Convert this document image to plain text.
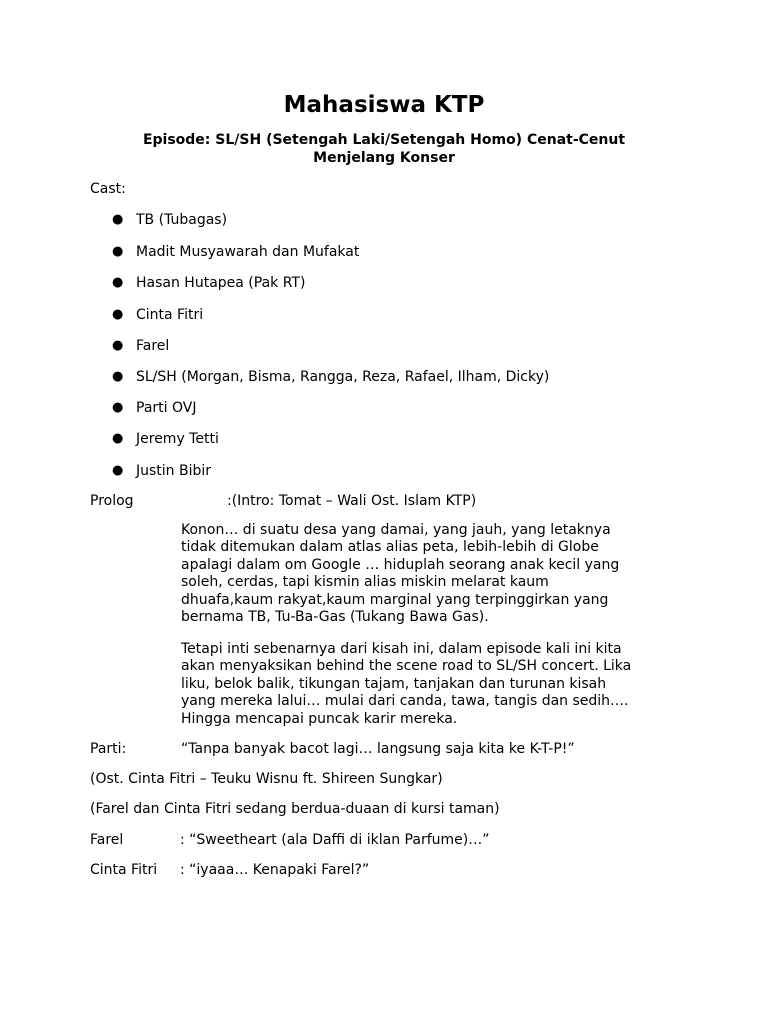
Mahasiswa KTP
Episode: SL/SH (Setengah Laki/Setengah Homo) Cenat-Cenut
Menjelang Konser
Cast:
● TB (Tubagas)
● Madit Musyawarah dan Mufakat
● Hasan Hutapea (Pak RT)
● Cinta Fitri
● Farel
● SL/SH (Morgan, Bisma, Rangga, Reza, Rafael, Ilham, Dicky)
● Parti OVJ
● Jeremy Tetti
● Justin Bibir
Prolog	:(Intro: Tomat – Wali Ost. Islam KTP)
Konon… di suatu desa yang damai, yang jauh, yang letaknya
tidak ditemukan dalam atlas alias peta, lebih-lebih di Globe
apalagi dalam om Google … hiduplah seorang anak kecil yang
soleh, cerdas, tapi kismin alias miskin melarat kaum
dhuafa,kaum rakyat,kaum marginal yang terpinggirkan yang
bernama TB, Tu-Ba-Gas (Tukang Bawa Gas).
Tetapi inti sebenarnya dari kisah ini, dalam episode kali ini kita
akan menyaksikan behind the scene road to SL/SH concert. Lika
liku, belok balik, tikungan tajam, tanjakan dan turunan kisah
yang mereka lalui… mulai dari canda, tawa, tangis dan sedih….
Hingga mencapai puncak karir mereka.
Parti:	“Tanpa banyak bacot lagi… langsung saja kita ke K-T-P!”
(Ost. Cinta Fitri – Teuku Wisnu ft. Shireen Sungkar)
(Farel dan Cinta Fitri sedang berdua-duaan di kursi taman)
Farel	: “Sweetheart (ala Daffi di iklan Parfume)…”
Cinta Fitri : “iyaaa… Kenapaki Farel?”
